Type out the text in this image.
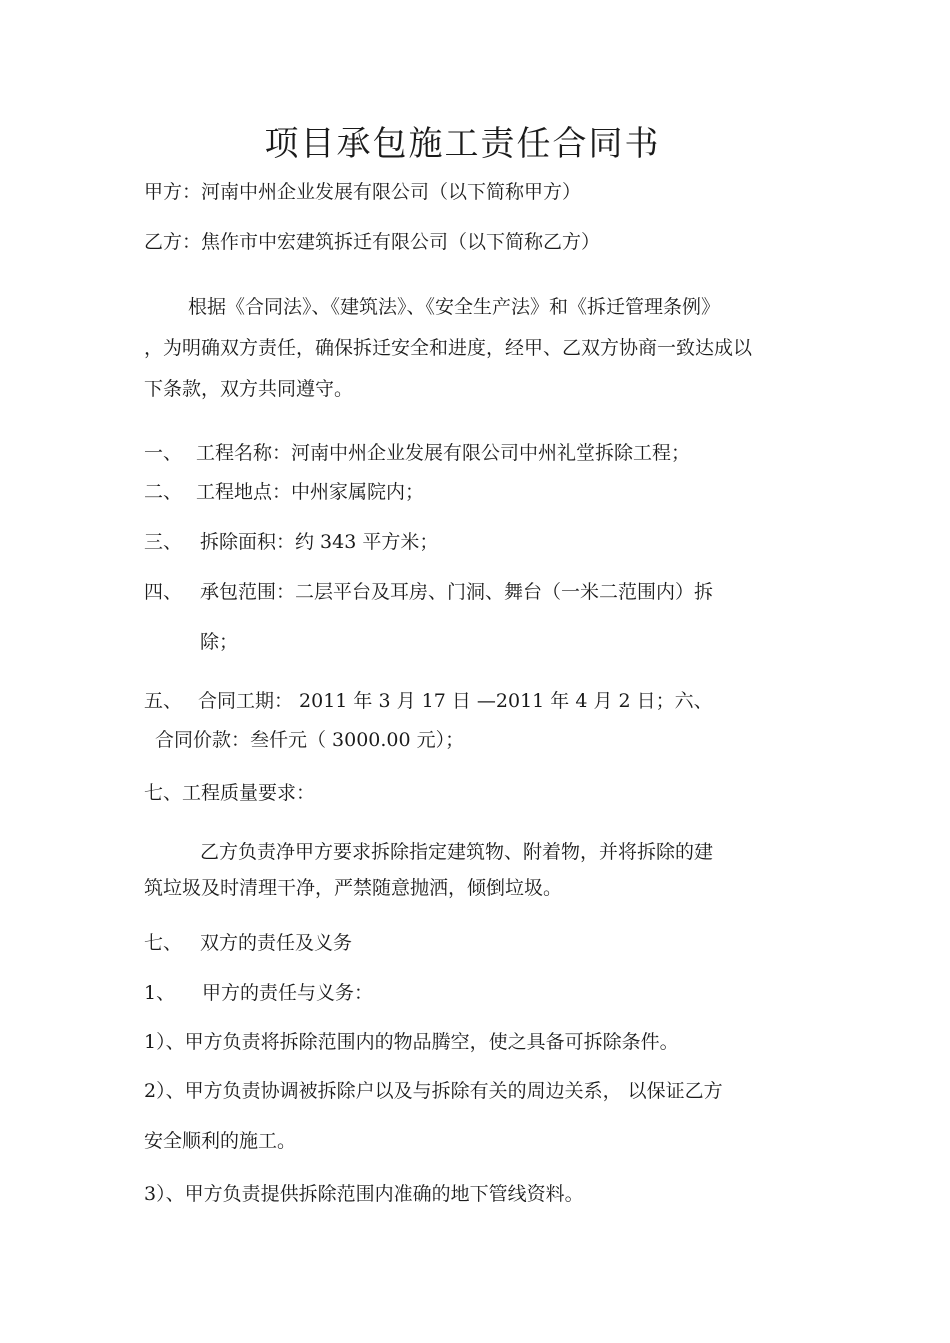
项目承包施工责任合同书
甲方：河南中州企业发展有限公司（以下简称甲方）
乙方：焦作市中宏建筑拆迁有限公司（以下简称乙方）
根据《合同法》、《建筑法》、《安全生产法》和《拆迁管理条例》
，为明确双方责任，确保拆迁安全和进度，经甲、乙双方协商一致达成以
下条款，双方共同遵守。
一、 工程名称：河南中州企业发展有限公司中州礼堂拆除工程；
二、 工程地点：中州家属院内；
三、 拆除面积：约 343 平方米；
四、 承包范围：二层平台及耳房、门洞、舞台（一米二范围内）拆
除；
五、 合同工期： 2011 年 3 月 17 日 —2011 年 4 月 2 日；六、
合同价款：叁仟元（ 3000.00 元）；
七、工程质量要求：
乙方负责净甲方要求拆除指定建筑物、附着物，并将拆除的建
筑垃圾及时清理干净，严禁随意抛洒，倾倒垃圾。
七、 双方的责任及义务
1、 甲方的责任与义务：
1）、甲方负责将拆除范围内的物品腾空，使之具备可拆除条件。
2）、甲方负责协调被拆除户以及与拆除有关的周边关系， 以保证乙方
安全顺利的施工。
3）、甲方负责提供拆除范围内准确的地下管线资料。
